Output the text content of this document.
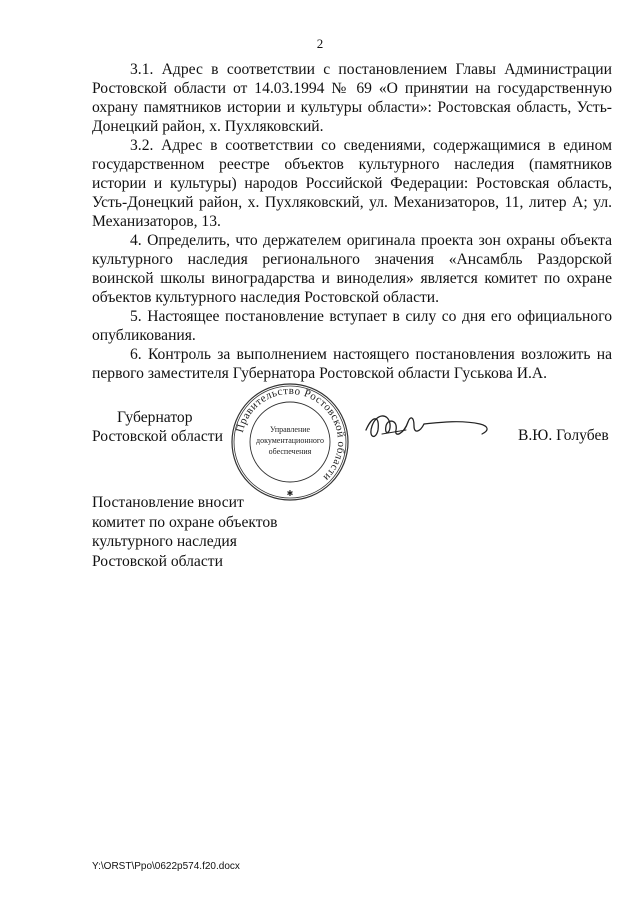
2

3.1. Адрес в соответствии с постановлением Главы Администрации Ростовской области от 14.03.1994 № 69 «О принятии на государственную охрану памятников истории и культуры области»: Ростовская область, Усть-Донецкий район, х. Пухляковский.

3.2. Адрес в соответствии со сведениями, содержащимися в едином государственном реестре объектов культурного наследия (памятников истории и культуры) народов Российской Федерации: Ростовская область, Усть-Донецкий район, х. Пухляковский, ул. Механизаторов, 11, литер А; ул. Механизаторов, 13.

4. Определить, что держателем оригинала проекта зон охраны объекта культурного наследия регионального значения «Ансамбль Раздорской воинской школы виноградарства и виноделия» является комитет по охране объектов культурного наследия Ростовской области.

5. Настоящее постановление вступает в силу со дня его официального опубликования.

6. Контроль за выполнением настоящего постановления возложить на первого заместителя Губернатора Ростовской области Гуськова И.А.

Губернатор
Ростовской области Правительство Ростовской области
Управление
документационного
обеспечения
✱
В.Ю. Голубев
Постановление вносит
комитет по охране объектов
культурного наследия
Ростовской области
Y:\ORST\Ppo\0622p574.f20.docx
